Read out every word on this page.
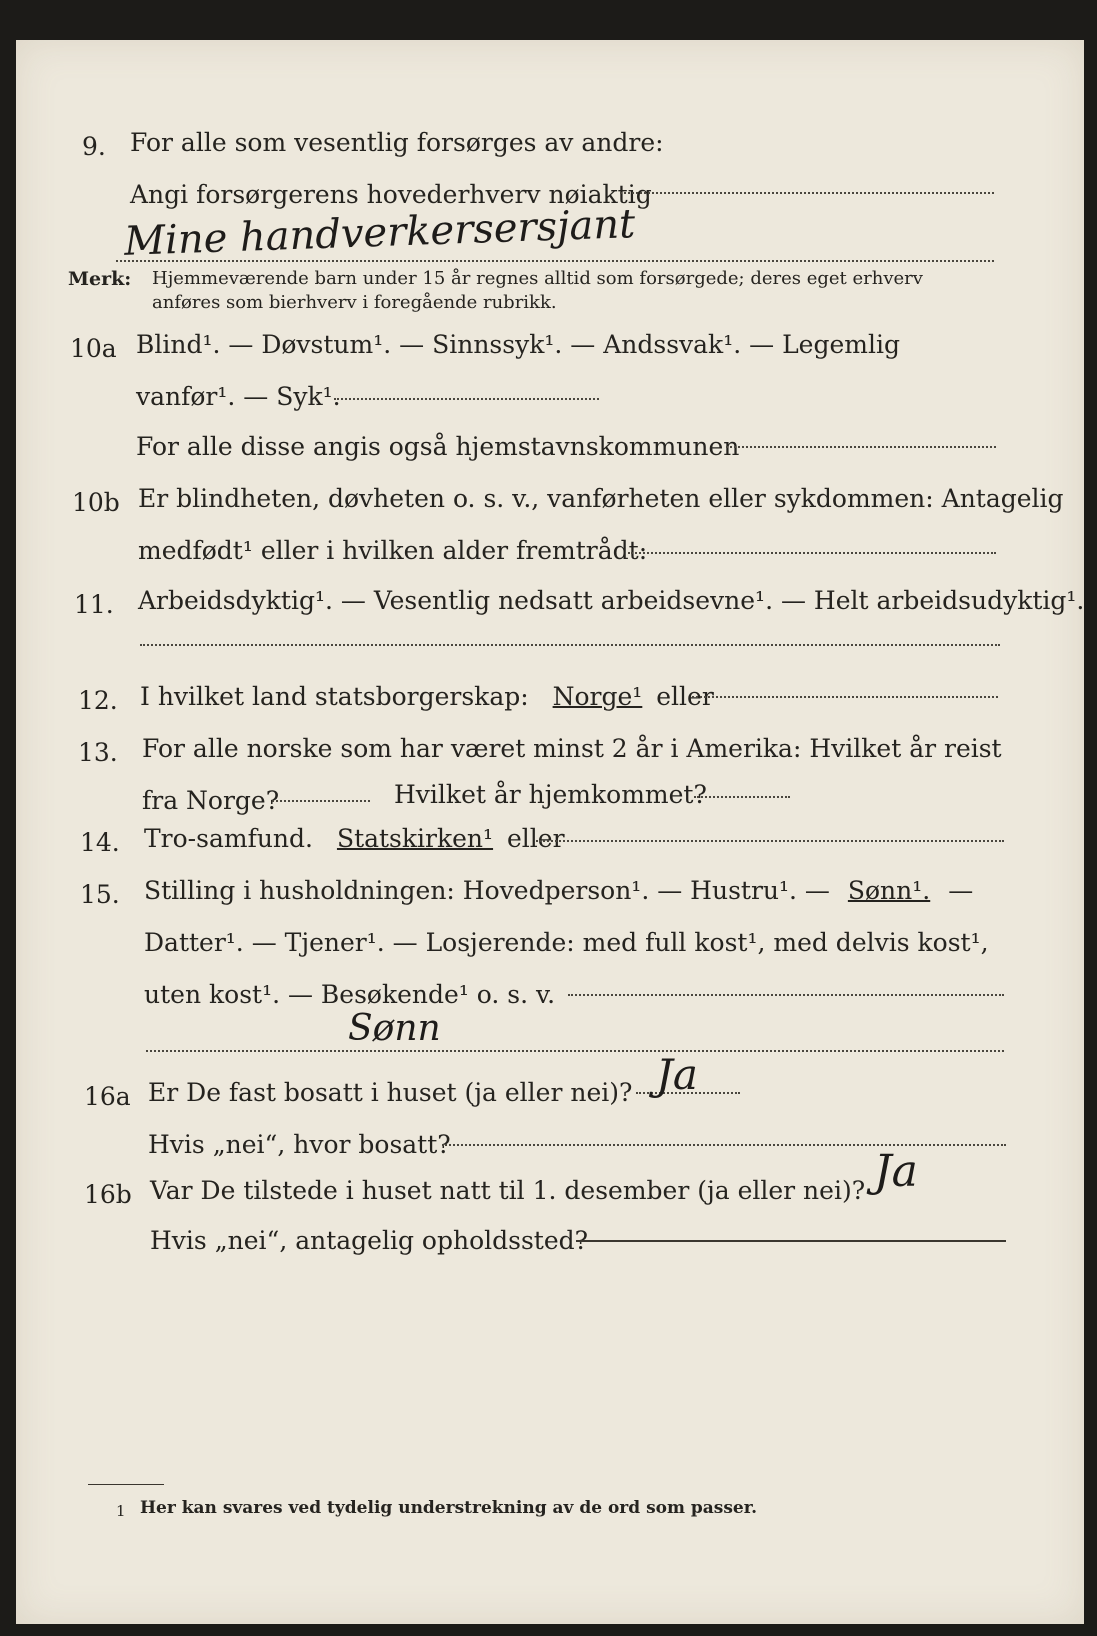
9. For alle som vesentlig forsørges av andre:
Angi forsørgerens hovederhverv nøiaktig
Mine handverkersersjant
Merk: Hjemmeværende barn under 15 år regnes alltid som forsørgede; deres eget erhverv
anføres som bierhverv i foregående rubrikk.
10a Blind¹. — Døvstum¹. — Sinnssyk¹. — Andssvak¹. — Legemlig
vanfør¹. — Syk¹.
For alle disse angis også hjemstavnskommunen
10b Er blindheten, døvheten o. s. v., vanførheten eller sykdommen: Antagelig
medfødt¹ eller i hvilken alder fremtrådt:
11. Arbeidsdyktig¹. — Vesentlig nedsatt arbeidsevne¹. — Helt arbeidsudyktig¹.
12. I hvilket land statsborgerskap: Norge¹ eller
13. For alle norske som har været minst 2 år i Amerika: Hvilket år reist
fra Norge?	Hvilket år hjemkommet?
14. Tro-samfund. Statskirken¹ eller
15. Stilling i husholdningen: Hovedperson¹. — Hustru¹. — Sønn¹. —
Datter¹. — Tjener¹. — Losjerende: med full kost¹, med delvis kost¹,
uten kost¹. — Besøkende¹ o. s. v.
Sønn
16a Er De fast bosatt i huset (ja eller nei)? Ja
Hvis „nei“, hvor bosatt?
16b Var De tilstede i huset natt til 1. desember (ja eller nei)? Ja
Hvis „nei“, antagelig opholdssted?
1 Her kan svares ved tydelig understrekning av de ord som passer.
